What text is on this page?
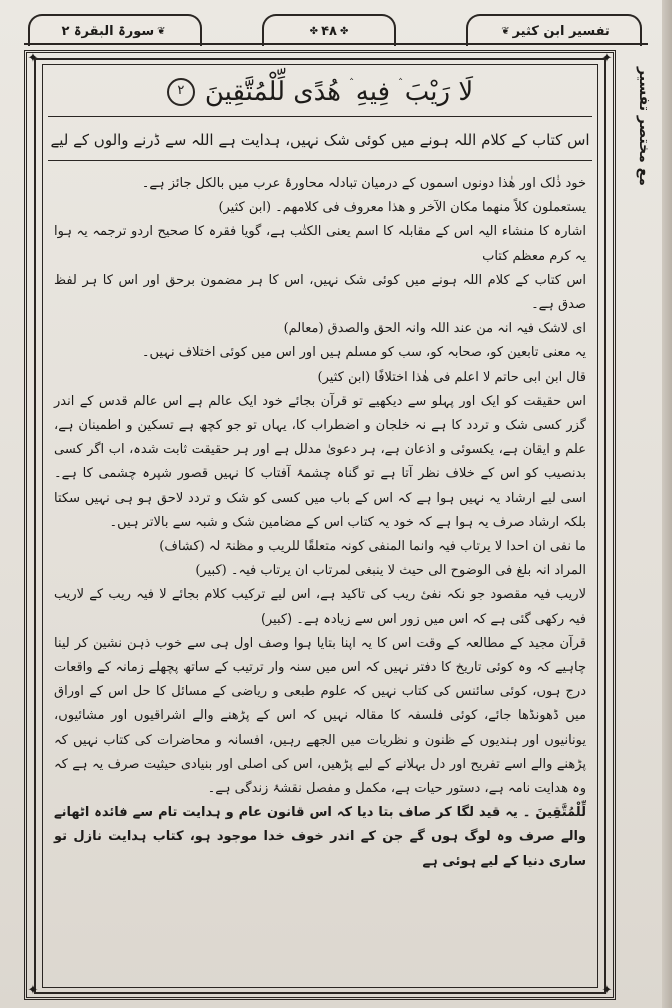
❦
سورۃ البقرۃ ۲	✤
۴۸
✤	تفسیر ابن کثیر
❦
✦	✦
✦	✦
مع مختصر تفسیر
لَا رَيْبَ ۛ فِيهِ ۛ هُدًى لِّلْمُتَّقِينَ
۲
اس کتاب کے کلام اللہ ہونے میں کوئی شک نہیں، ہدایت ہے اللہ سے ڈرنے والوں کے لیے

خود ذٰلک اور ھٰذا دونوں اسموں کے درمیان تبادلہ محاورۂ عرب میں بالکل جائز ہے۔

یستعملون کلاً منھما مکان الآخر و ھذا معروف فی کلامھم۔ (ابن کثیر)

اشارہ کا منشاء الیہ اس کے مقابلہ کا اسم یعنی الکتٰب ہے، گویا فقرہ کا صحیح اردو ترجمہ یہ ہوا یہ کرم معظم کتاب

اس کتاب کے کلام اللہ ہونے میں کوئی شک نہیں، اس کا ہر مضمون برحق اور اس کا ہر لفظ صدق ہے۔

ای لاشک فیہ انہ من عند اللہ وانہ الحق والصدق (معالم)

یہ معنی تابعین کو، صحابہ کو، سب کو مسلم ہیں اور اس میں کوئی اختلاف نہیں۔

قال ابن ابی حاتم لا اعلم فی ھٰذا اختلافًا (ابن کثیر)

اس حقیقت کو ایک اور پہلو سے دیکھیے تو قرآن بجائے خود ایک عالم ہے اس عالم قدس کے اندر گزر کسی شک و تردد کا ہے نہ خلجان و اضطراب کا، یہاں تو جو کچھ ہے تسکین و اطمینان ہے، علم و ایقان ہے، یکسوئی و اذعان ہے، ہر دعویٰ مدلل ہے اور ہر حقیقت ثابت شدہ، اب اگر کسی بدنصیب کو اس کے خلاف نظر آتا ہے تو گناہ چشمۂ آفتاب کا نہیں قصور شپرہ چشمی کا ہے۔ اسی لیے ارشاد یہ نہیں ہوا ہے کہ اس کے باب میں کسی کو شک و تردد لاحق ہو ہی نہیں سکتا بلکہ ارشاد صرف یہ ہوا ہے کہ خود یہ کتاب اس کے مضامین شک و شبہ سے بالاتر ہیں۔

ما نفی ان احدا لا یرتاب فیہ وانما المنفی کونہ متعلقًا للریب و مظنۃ لہ (کشاف)

المراد انہ بلغ فی الوضوح الی حیث لا ینبغی لمرتاب ان یرتاب فیہ۔ (کبیر)

لاریب فیہ مقصود جو نکہ نفیٔ ریب کی تاکید ہے، اس لیے ترکیب کلام بجائے لا فیہ ریب کے لاریب فیہ رکھی گئی ہے کہ اس میں زور اس سے زیادہ ہے۔ (کبیر)

قرآن مجید کے مطالعہ کے وقت اس کا یہ اپنا بتایا ہوا وصف اول ہی سے خوب ذہن نشین کر لینا چاہیے کہ وہ کوئی تاریخ کا دفتر نہیں کہ اس میں سنہ وار ترتیب کے ساتھ پچھلے زمانہ کے واقعات درج ہوں، کوئی سائنس کی کتاب نہیں کہ علوم طبعی و ریاضی کے مسائل کا حل اس کے اوراق میں ڈھونڈھا جائے، کوئی فلسفہ کا مقالہ نہیں کہ اس کے پڑھنے والے اشراقیوں اور مشائیوں، یونانیوں اور ہندیوں کے ظنون و نظریات میں الجھے رہیں، افسانہ و محاضرات کی کتاب نہیں کہ پڑھنے والے اسے تفریح اور دل بہلانے کے لیے پڑھیں، اس کی اصلی اور بنیادی حیثیت صرف یہ ہے کہ وہ ھدایت نامہ ہے، دستور حیات ہے، مکمل و مفصل نقشۂ زندگی ہے۔

لِّلْمُتَّقِينَ ۔ یہ قید لگا کر صاف بتا دیا کہ اس قانون عام و ہدایت تام سے فائدہ اٹھانے والے صرف وہ لوگ ہوں گے جن کے اندر خوف خدا موجود ہو، کتاب ہدایت نازل تو ساری دنیا کے لیے ہوئی ہے
